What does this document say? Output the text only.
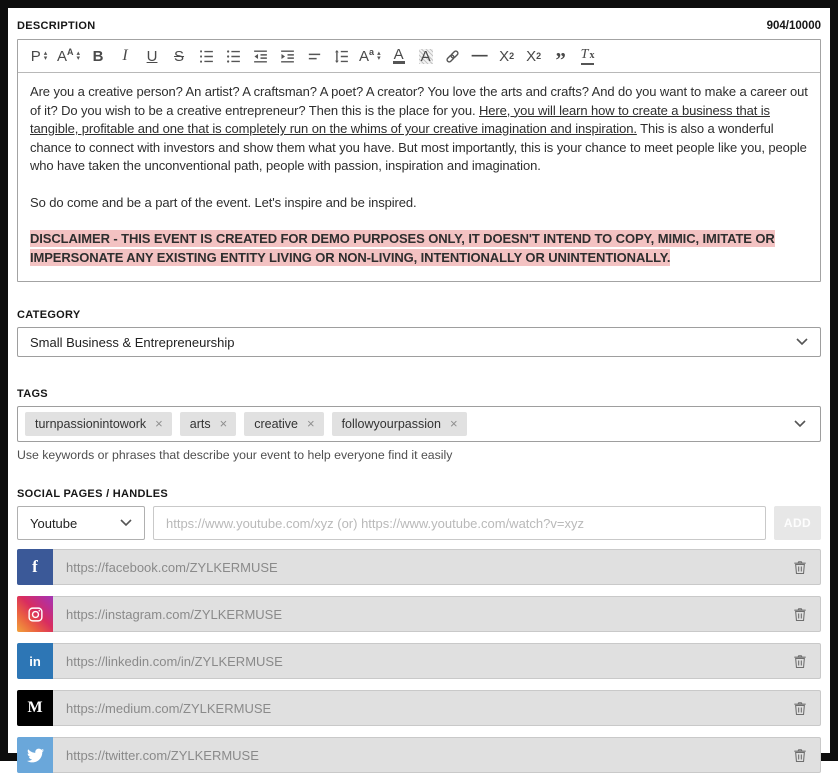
DESCRIPTION	904/10000
P ▴
▾ $A^A$ ▴
▾ B	I	U S	$A^a$ ▴
▾ A A	— X 2 X 2 ” Tx

Are you a creative person? An artist? A craftsman? A poet? A creator? You love the arts and crafts? And do you want to make a career out of it? Do you wish to be a creative entrepreneur? Then this is the place for you. Here, you will learn how to create a business that is tangible, profitable and one that is completely run on the whims of your creative imagination and inspiration. This is also a wonderful chance to connect with investors and show them what you have. But most importantly, this is your chance to meet people like you, people who have taken the unconventional path, people with passion, inspiration and imagination.

So do come and be a part of the event. Let's inspire and be inspired.

DISCLAIMER - THIS EVENT IS CREATED FOR DEMO PURPOSES ONLY, IT DOESN'T INTEND TO COPY, MIMIC, IMITATE OR IMPERSONATE ANY EXISTING ENTITY LIVING OR NON-LIVING, INTENTIONALLY OR UNINTENTIONALLY.

CATEGORY
Small Business & Entrepreneurship
TAGS
turnpassionintowork × arts × creative × followyourpassion ×
Use keywords or phrases that describe your event to help everyone find it easily
SOCIAL PAGES / HANDLES
Youtube	https://www.youtube.com/xyz (or) https://www.youtube.com/watch?v=xyz	ADD
f https://facebook.com/ZYLKERMUSE
https://instagram.com/ZYLKERMUSE
in https://linkedin.com/in/ZYLKERMUSE
M https://medium.com/ZYLKERMUSE
https://twitter.com/ZYLKERMUSE
